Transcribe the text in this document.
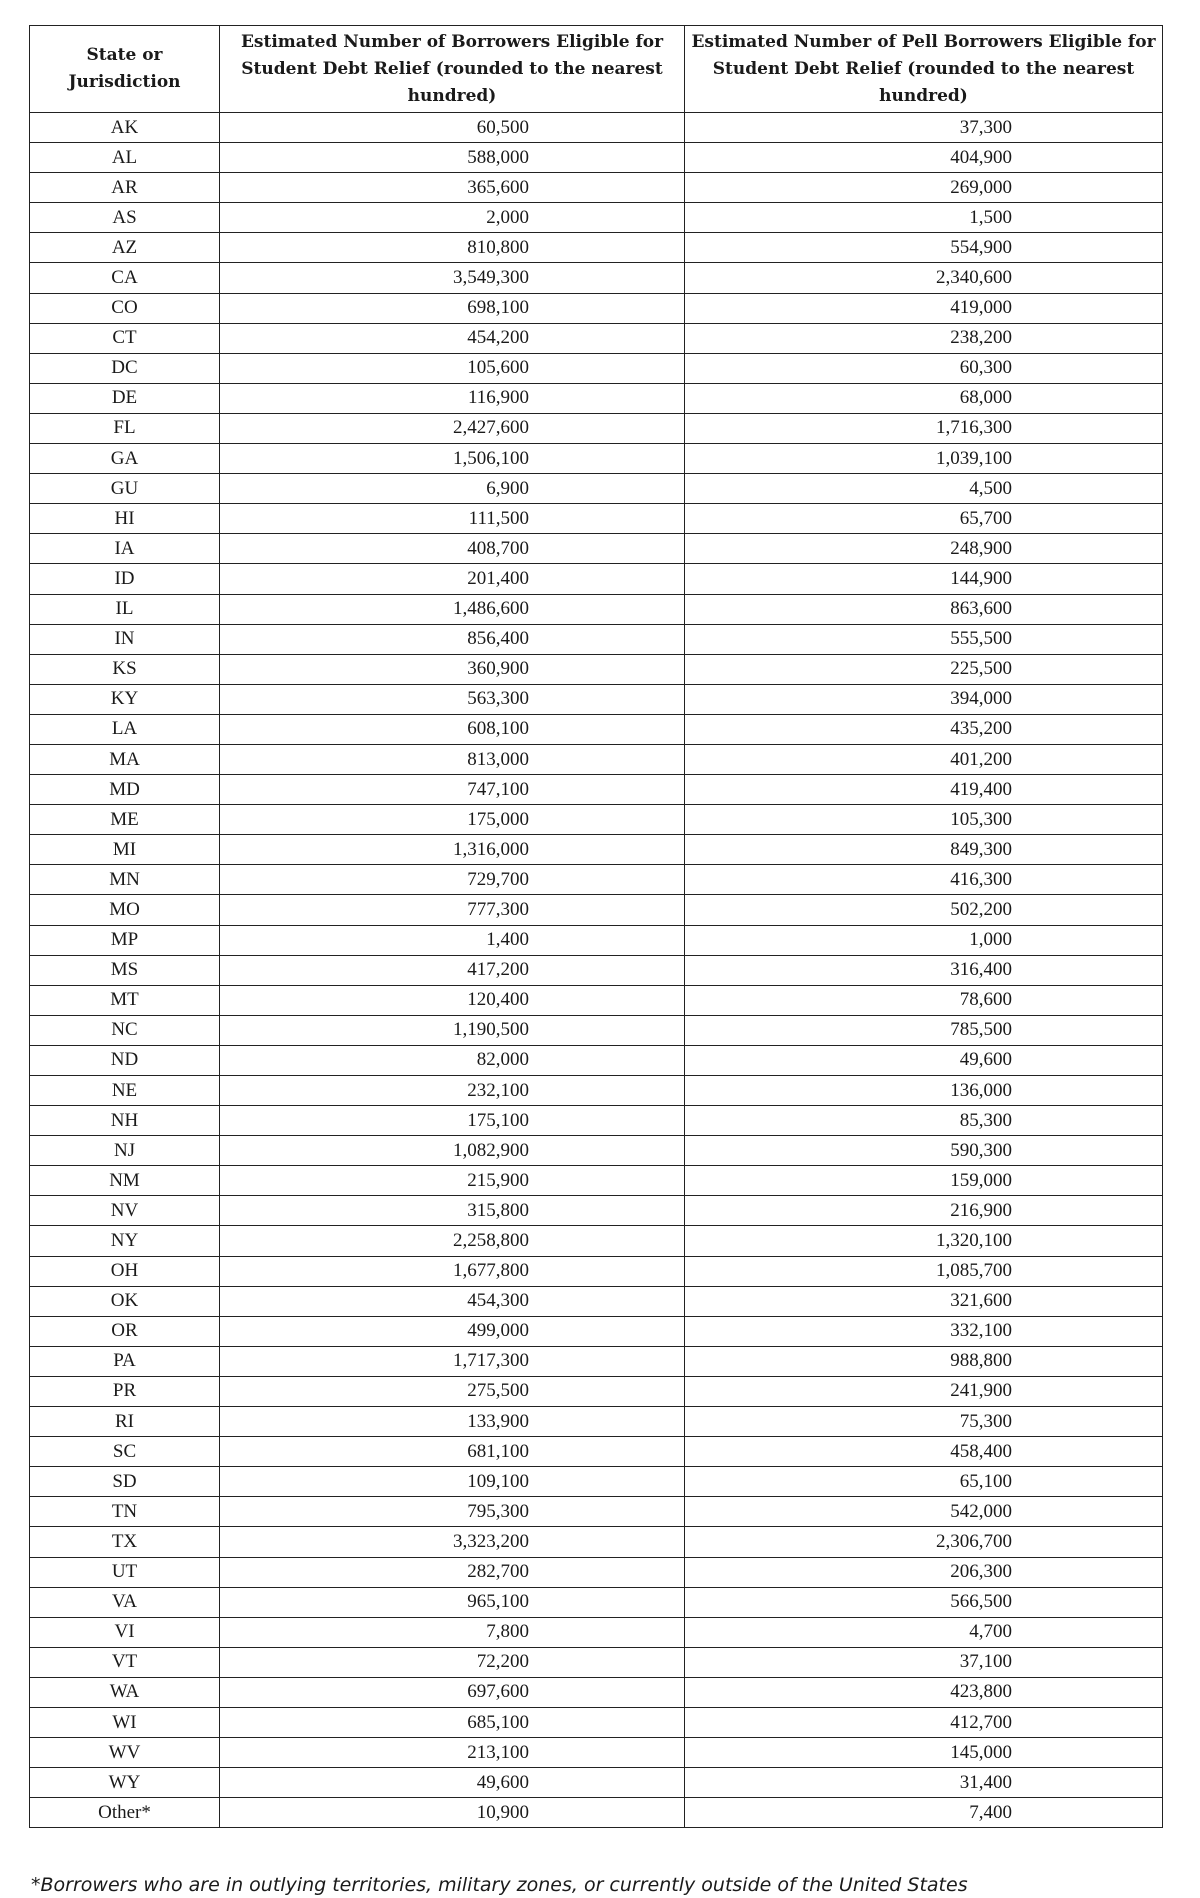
State or Jurisdiction	Estimated Number of Borrowers Eligible for Student Debt Relief (rounded to the nearest hundred)	Estimated Number of Pell Borrowers Eligible for Student Debt Relief (rounded to the nearest hundred)
AK	60,500	37,300

AL	588,000	404,900

AR	365,600	269,000

AS	2,000	1,500

AZ	810,800	554,900

CA	3,549,300	2,340,600

CO	698,100	419,000

CT	454,200	238,200

DC	105,600	60,300

DE	116,900	68,000

FL	2,427,600	1,716,300

GA	1,506,100	1,039,100

GU	6,900	4,500

HI	111,500	65,700

IA	408,700	248,900

ID	201,400	144,900

IL	1,486,600	863,600

IN	856,400	555,500

KS	360,900	225,500

KY	563,300	394,000

LA	608,100	435,200

MA	813,000	401,200

MD	747,100	419,400

ME	175,000	105,300

MI	1,316,000	849,300

MN	729,700	416,300

MO	777,300	502,200

MP	1,400	1,000

MS	417,200	316,400

MT	120,400	78,600

NC	1,190,500	785,500

ND	82,000	49,600

NE	232,100	136,000

NH	175,100	85,300

NJ	1,082,900	590,300

NM	215,900	159,000

NV	315,800	216,900

NY	2,258,800	1,320,100

OH	1,677,800	1,085,700

OK	454,300	321,600

OR	499,000	332,100

PA	1,717,300	988,800

PR	275,500	241,900

RI	133,900	75,300

SC	681,100	458,400

SD	109,100	65,100

TN	795,300	542,000

TX	3,323,200	2,306,700

UT	282,700	206,300

VA	965,100	566,500

VI	7,800	4,700

VT	72,200	37,100

WA	697,600	423,800

WI	685,100	412,700

WV	213,100	145,000

WY	49,600	31,400

Other*	10,900	7,400
*Borrowers who are in outlying territories, military zones, or currently outside of the United States
